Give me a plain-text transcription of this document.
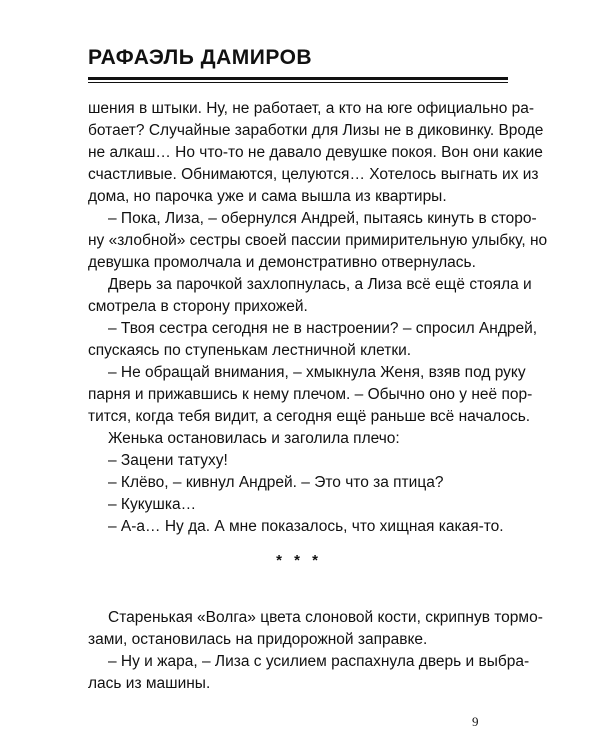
РАФАЭЛЬ ДАМИРОВ
шения в штыки. Ну, не работает, а кто на юге официально ра-
ботает? Случайные заработки для Лизы не в диковинку. Вроде
не алкаш… Но что-то не давало девушке покоя. Вон они какие
счастливые. Обнимаются, целуются… Хотелось выгнать их из
дома, но парочка уже и сама вышла из квартиры.
– Пока, Лиза, – обернулся Андрей, пытаясь кинуть в сторо-
ну «злобной» сестры своей пассии примирительную улыбку, но
девушка промолчала и демонстративно отвернулась.
Дверь за парочкой захлопнулась, а Лиза всё ещё стояла и
смотрела в сторону прихожей.
– Твоя сестра сегодня не в настроении? – спросил Андрей,
спускаясь по ступенькам лестничной клетки.
– Не обращай внимания, – хмыкнула Женя, взяв под руку
парня и прижавшись к нему плечом. – Обычно оно у неё пор-
тится, когда тебя видит, а сегодня ещё раньше всё началось.
Женька остановилась и заголила плечо:
– Зацени татуху!
– Клёво, – кивнул Андрей. – Это что за птица?
– Кукушка…
– А-а… Ну да. А мне показалось, что хищная какая-то.
* * *
Старенькая «Волга» цвета слоновой кости, скрипнув тормо-
зами, остановилась на придорожной заправке.
– Ну и жара, – Лиза с усилием распахнула дверь и выбра-
лась из машины.
9
